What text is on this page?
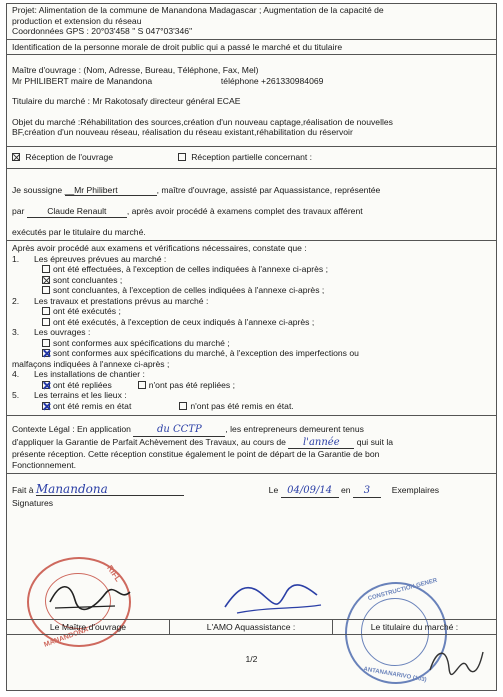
Projet: Alimentation de la commune de Manandona Madagascar ; Augmentation de la capacité de
production et extension du réseau
Coordonnées GPS : 20°03'458 " S 047°03'346"
Identification de la personne morale de droit public qui a passé le marché et du titulaire
Maître d'ouvrage : (Nom, Adresse, Bureau, Téléphone, Fax, Mel)
Mr PHILIBERT maire de Manandona	téléphone +261330984069
Titulaire du marché : Mr Rakotosafy directeur général ECAE
Objet du marché :Réhabilitation des sources,création d'un nouveau captage,réalisation de nouvelles
BF,création d'un nouveau réseau, réalisation du réseau existant,réhabilitation du réservoir
Réception de l'ouvrage	Réception partielle concernant :
Je soussigne __Mr Philibert	, maître d'ouvrage, assisté par Aquassistance, représentée
par	Claude Renault , après avoir procédé à examens complet des travaux afférent
exécutés par le titulaire du marché.
Après avoir procédé aux examens et vérifications nécessaires, constate que :
1. Les épreuves prévues au marché :
ont été effectuées, à l'exception de celles indiquées à l'annexe ci-après ;
sont concluantes ;
sont concluantes, à l'exception de celles indiquées à l'annexe ci-après ;
2. Les travaux et prestations prévus au marché :
ont été exécutés ;
ont été exécutés, à l'exception de ceux indiqués à l'annexe ci-après ;
3. Les ouvrages :
sont conformes aux spécifications du marché ;
sont conformes aux spécifications du marché, à l'exception des imperfections ou
malfaçons indiquées à l'annexe ci-après ;
4. Les installations de chantier :
ont été repliées	n'ont pas été repliées ;
5. Les terrains et les lieux :
ont été remis en état	n'ont pas été remis en état.
Contexte Légal : En application	du CCTP	, les entrepreneurs demeurent tenus
d'appliquer la Garantie de Parfait Achèvement des Travaux, au cours de l'année qui suit la
présente réception. Cette réception constitue également le point de départ de la Garantie de bon
Fonctionnement.
Fait à Manandona	Le 04/09/14 en 3	Exemplaires
Signatures
RIFL
MANANDONA
CONSTRUCTION GENER
ANTANANARIVO (103)
Le Maître d'ouvrage	L'AMO Aquassistance :	Le titulaire du marché :
1/2
